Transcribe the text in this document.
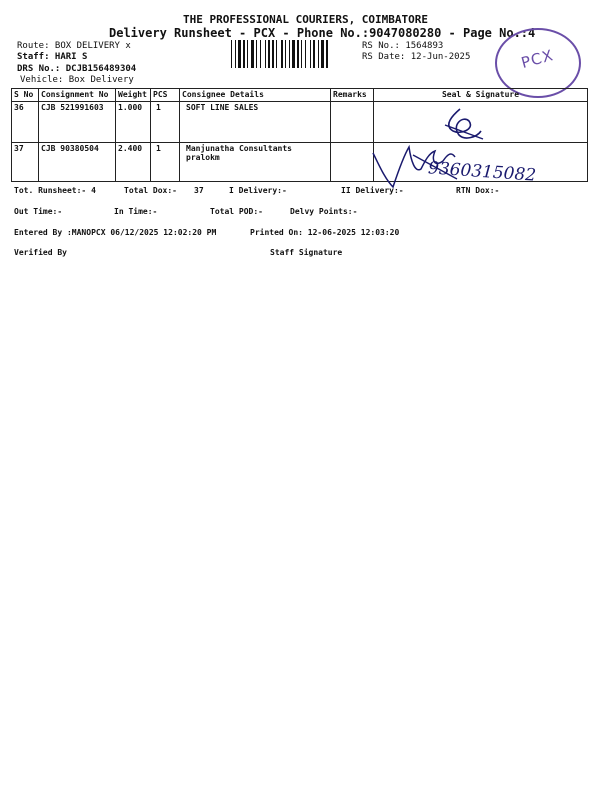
THE PROFESSIONAL COURIERS, COIMBATORE
Delivery Runsheet - PCX - Phone No.:9047080280 - Page No.:4
Route: BOX DELIVERY x
Staff: HARI S
DRS No.: DCJB156489304
Vehicle: Box Delivery
RS No.: 1564893
RS Date: 12-Jun-2025	PCX
S No	Consignment No	Weight	PCS	Consignee Details	Remarks	Seal & Signature
36	CJB 521991603	1.000	1	SOFT LINE SALES		
37	CJB 90380504	2.400	1	Manjunatha Consultants pralokm		
9360315082
Tot. Runsheet:- 4	Total Dox:- 37	I Delivery:-	II Delivery:-	RTN Dox:-
Out Time:-	In Time:-	Total POD:-	Delvy Points:-
Entered By :MANOPCX 06/12/2025 12:02:20 PM	Printed On: 12-06-2025 12:03:20
Verified By	Staff Signature
